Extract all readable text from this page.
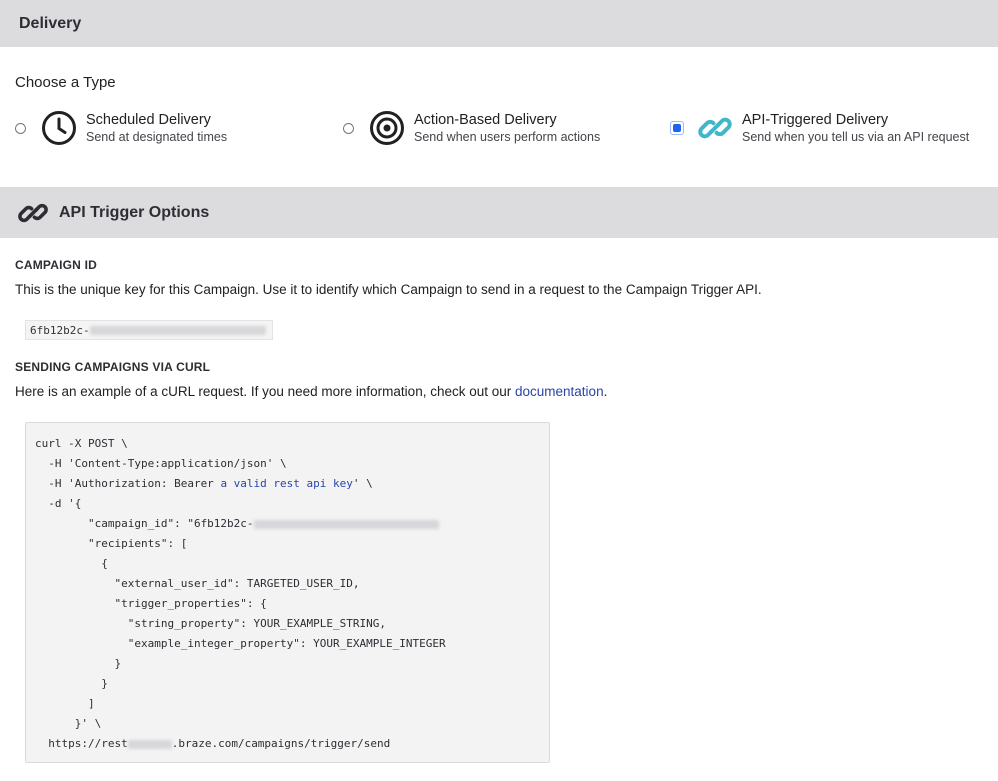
Delivery
Choose a Type
Scheduled Delivery
Send at designated times
Action-Based Delivery
Send when users perform actions
API-Triggered Delivery
Send when you tell us via an API request
API Trigger Options
CAMPAIGN ID
This is the unique key for this Campaign. Use it to identify which Campaign to send in a request to the Campaign Trigger API.
6fb12b2c-
SENDING CAMPAIGNS VIA CURL
Here is an example of a cURL request. If you need more information, check out our documentation.
curl -X POST \
-H 'Content-Type:application/json' \
-H 'Authorization: Bearer a valid rest api key' \
-d '{
"campaign_id": "6fb12b2c-
"recipients": [
{
"external_user_id": TARGETED_USER_ID,
"trigger_properties": {
"string_property": YOUR_EXAMPLE_STRING,
"example_integer_property": YOUR_EXAMPLE_INTEGER
}
}
]
}' \
https://rest	.braze.com/campaigns/trigger/send
